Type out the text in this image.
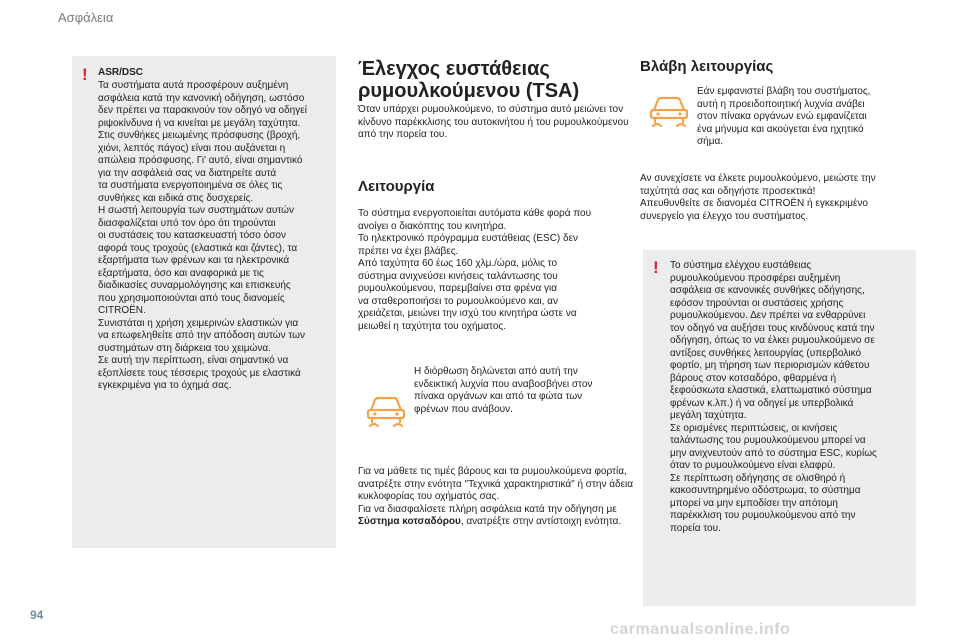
Ασφάλεια
! ASR/DSC
Τα συστήματα αυτά προσφέρουν αυξημένη
ασφάλεια κατά την κανονική οδήγηση, ωστόσο
δεν πρέπει να παρακινούν τον οδηγό να οδηγεί
ριψοκίνδυνα ή να κινείται με μεγάλη ταχύτητα.
Στις συνθήκες μειωμένης πρόσφυσης (βροχή,
χιόνι, λεπτός πάγος) είναι που αυξάνεται η
απώλεια πρόσφυσης. Γι' αυτό, είναι σημαντικό
για την ασφάλειά σας να διατηρείτε αυτά
τα συστήματα ενεργοποιημένα σε όλες τις
συνθήκες και ειδικά στις δυσχερείς.
Η σωστή λειτουργία των συστημάτων αυτών
διασφαλίζεται υπό τον όρο ότι τηρούνται
οι συστάσεις του κατασκευαστή τόσο όσον
αφορά τους τροχούς (ελαστικά και ζάντες), τα
εξαρτήματα των φρένων και τα ηλεκτρονικά
εξαρτήματα, όσο και αναφορικά με τις
διαδικασίες συναρμολόγησης και επισκευής
που χρησιμοποιούνται από τους διανομείς
CITROËN.
Συνιστάται η χρήση χειμερινών ελαστικών για
να επωφεληθείτε από την απόδοση αυτών των
συστημάτων στη διάρκεια του χειμώνα.
Σε αυτή την περίπτωση, είναι σημαντικό να
εξοπλίσετε τους τέσσερις τροχούς με ελαστικά
εγκεκριμένα για το όχημά σας.
Έλεγχος ευστάθειας ρυμουλκούμενου (TSA)
Όταν υπάρχει ρυμουλκούμενο, το σύστημα αυτό μειώνει τον κίνδυνο παρέκκλισης του αυτοκινήτου ή του ρυμουλκούμενου από την πορεία του.
Λειτουργία
Το σύστημα ενεργοποιείται αυτόματα κάθε φορά που
ανοίγει ο διακόπτης του κινητήρα.
Το ηλεκτρονικό πρόγραμμα ευστάθειας (ESC) δεν
πρέπει να έχει βλάβες.
Από ταχύτητα 60 έως 160 χλμ./ώρα, μόλις το
σύστημα ανιχνεύσει κινήσεις ταλάντωσης του
ρυμουλκούμενου, παρεμβαίνει στα φρένα για
να σταθεροποιήσει το ρυμουλκούμενο και, αν
χρειάζεται, μειώνει την ισχύ του κινητήρα ώστε να
μειωθεί η ταχύτητα του οχήματος.
Η διόρθωση δηλώνεται από αυτή την
ενδεικτική λυχνία που αναβοσβήνει στον
πίνακα οργάνων και από τα φώτα των
φρένων που ανάβουν.
Για να μάθετε τις τιμές βάρους και τα ρυμουλκούμενα φορτία, ανατρέξτε στην ενότητα "Τεχνικά χαρακτηριστικά" ή στην άδεια κυκλοφορίας του οχήματός σας.
Για να διασφαλίσετε πλήρη ασφάλεια κατά την οδήγηση με Σύστημα κοτσαδόρου, ανατρέξτε στην αντίστοιχη ενότητα.
Βλάβη λειτουργίας
Εάν εμφανιστεί βλάβη του συστήματος,
αυτή η προειδοποιητική λυχνία ανάβει
στον πίνακα οργάνων ενώ εμφανίζεται
ένα μήνυμα και ακούγεται ένα ηχητικό
σήμα.
Αν συνεχίσετε να έλκετε ρυμουλκούμενο, μειώστε την
ταχύτητά σας και οδηγήστε προσεκτικά!
Απευθυνθείτε σε διανομέα CITROËN ή εγκεκριμένο
συνεργείο για έλεγχο του συστήματος.
! Το σύστημα ελέγχου ευστάθειας
ρυμουλκούμενου προσφέρει αυξημένη
ασφάλεια σε κανονικές συνθήκες οδήγησης,
εφόσον τηρούνται οι συστάσεις χρήσης
ρυμουλκούμενου. Δεν πρέπει να ενθαρρύνει
τον οδηγό να αυξήσει τους κινδύνους κατά την
οδήγηση, όπως το να έλκει ρυμουλκούμενο σε
αντίξοες συνθήκες λειτουργίας (υπερβολικό
φορτίο, μη τήρηση των περιορισμών κάθετου
βάρους στον κοτσαδόρο, φθαρμένα ή
ξεφούσκωτα ελαστικά, ελαττωματικό σύστημα
φρένων κ.λπ.) ή να οδηγεί με υπερβολικά
μεγάλη ταχύτητα.
Σε ορισμένες περιπτώσεις, οι κινήσεις
ταλάντωσης του ρυμουλκούμενου μπορεί να
μην ανιχνευτούν από το σύστημα ESC, κυρίως
όταν το ρυμουλκούμενο είναι ελαφρύ.
Σε περίπτωση οδήγησης σε ολισθηρό ή
κακοσυντηρημένο οδόστρωμα, το σύστημα
μπορεί να μην εμποδίσει την απότομη
παρέκκλιση του ρυμουλκούμενου από την
πορεία του.
94
carmanualsonline.info
